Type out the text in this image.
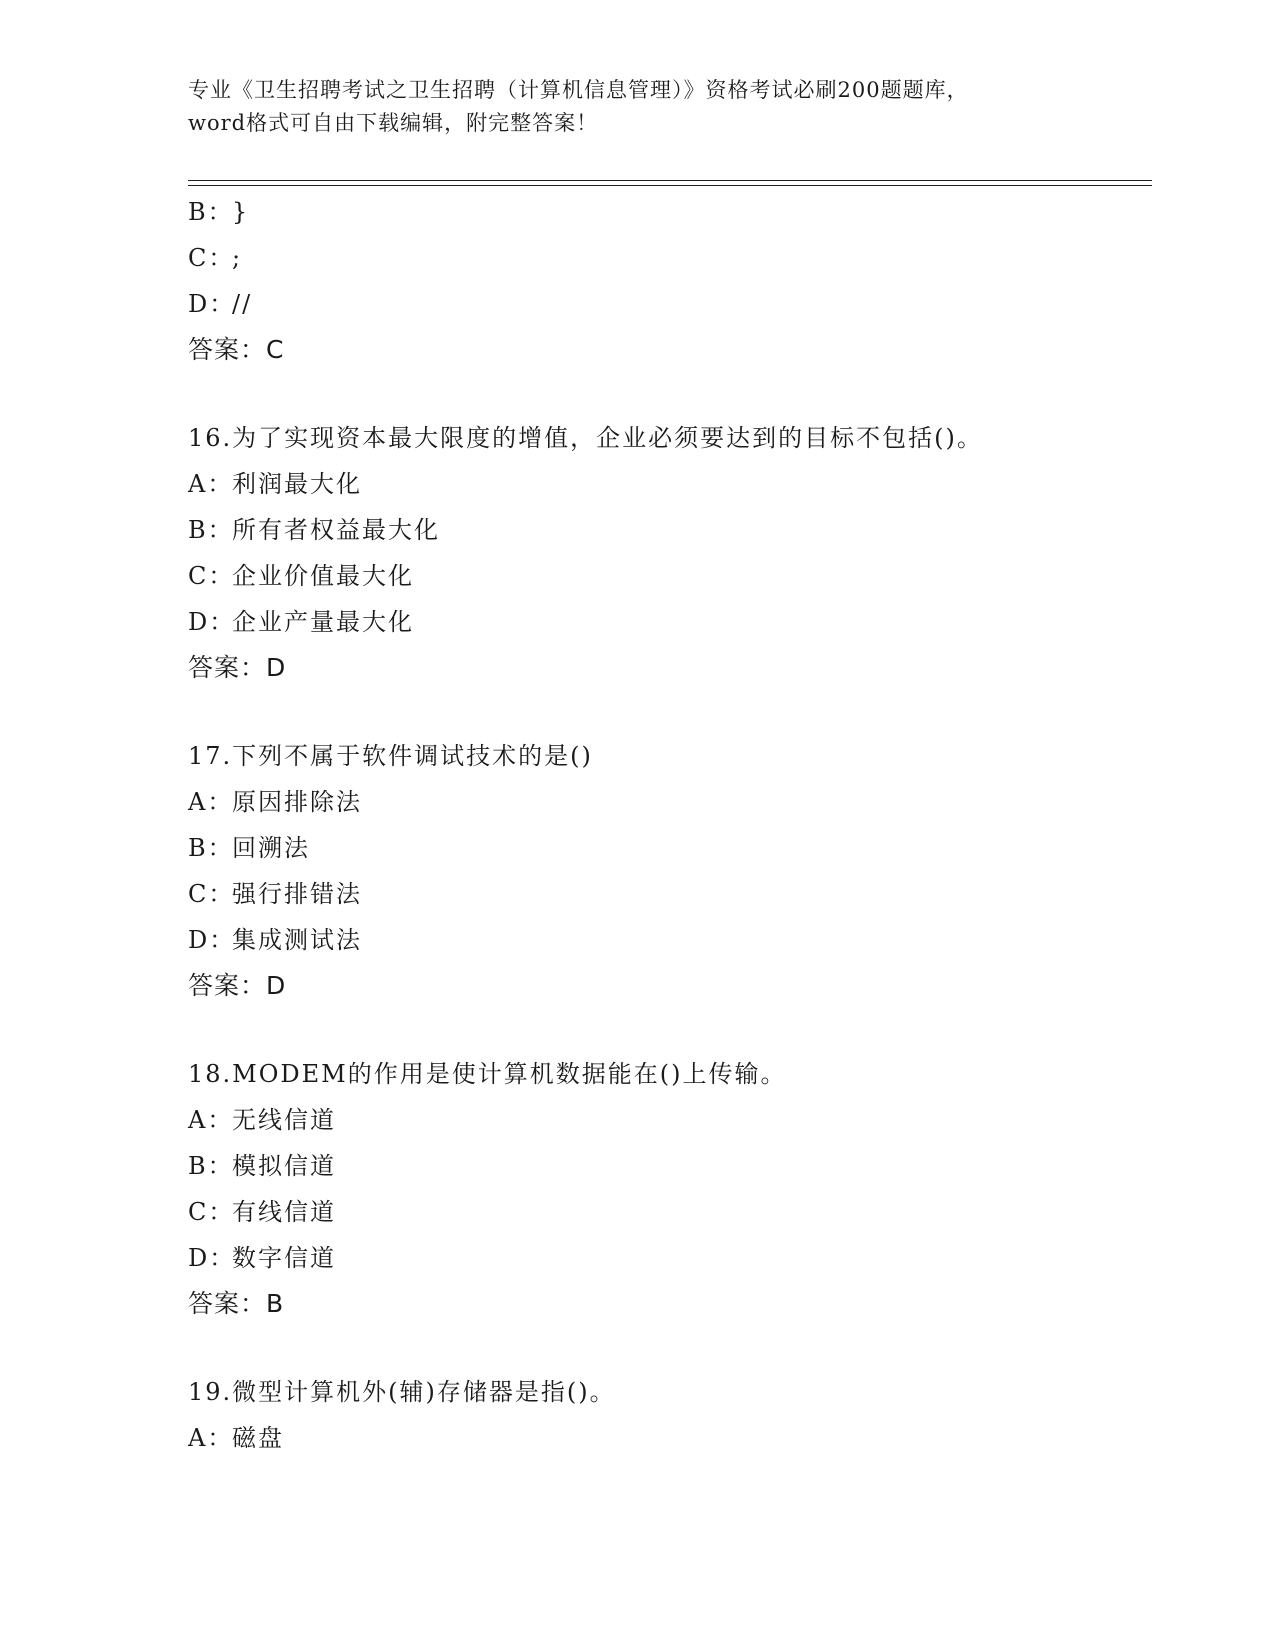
专业《卫生招聘考试之卫生招聘（计算机信息管理）》资格考试必刷200题题库，
word格式可自由下载编辑，附完整答案！
B：}
C：;
D：//
答案：C
16.为了实现资本最大限度的增值，企业必须要达到的目标不包括()。
A：利润最大化
B：所有者权益最大化
C：企业价值最大化
D：企业产量最大化
答案：D
17.下列不属于软件调试技术的是()
A：原因排除法
B：回溯法
C：强行排错法
D：集成测试法
答案：D
18.MODEM的作用是使计算机数据能在()上传输。
A：无线信道
B：模拟信道
C：有线信道
D：数字信道
答案：B
19.微型计算机外(辅)存储器是指()。
A：磁盘
